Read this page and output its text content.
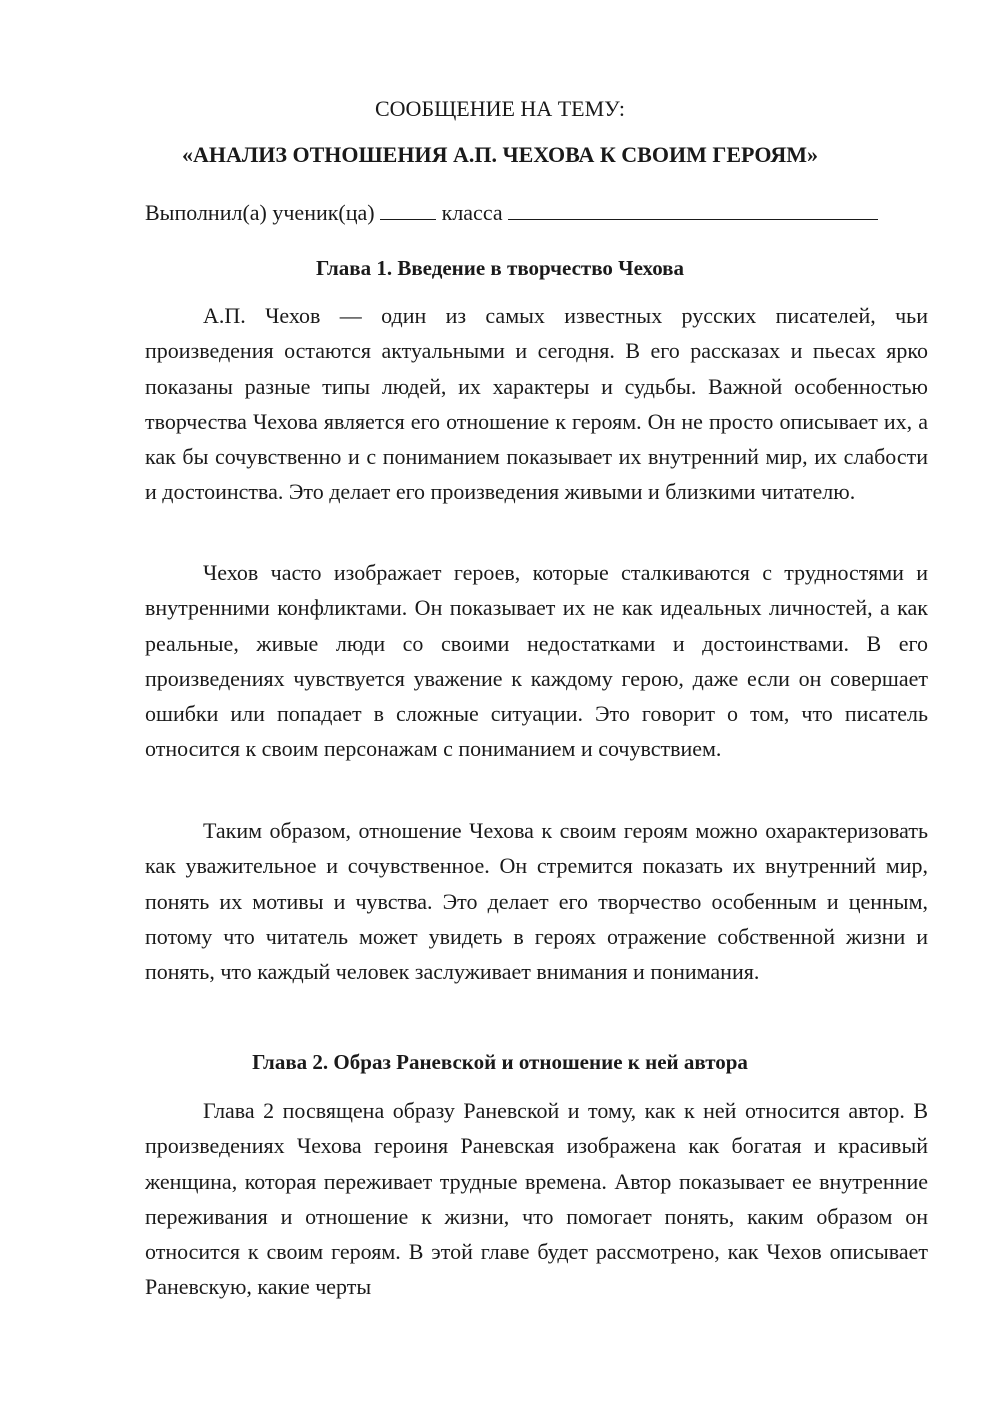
СООБЩЕНИЕ НА ТЕМУ:
«АНАЛИЗ ОТНОШЕНИЯ А.П. ЧЕХОВА К СВОИМ ГЕРОЯМ»
Выполнил(а) ученик(ца)	класса
Глава 1. Введение в творчество Чехова

А.П. Чехов — один из самых известных русских писателей, чьи произведения остаются актуальными и сегодня. В его рассказах и пьесах ярко показаны разные типы людей, их характеры и судьбы. Важной особенностью творчества Чехова является его отношение к героям. Он не просто описывает их, а как бы сочувственно и с пониманием показывает их внутренний мир, их слабости и достоинства. Это делает его произведения живыми и близкими читателю.

Чехов часто изображает героев, которые сталкиваются с трудностями и внутренними конфликтами. Он показывает их не как идеальных личностей, а как реальные, живые люди со своими недостатками и достоинствами. В его произведениях чувствуется уважение к каждому герою, даже если он совершает ошибки или попадает в сложные ситуации. Это говорит о том, что писатель относится к своим персонажам с пониманием и сочувствием.

Таким образом, отношение Чехова к своим героям можно охарактеризовать как уважительное и сочувственное. Он стремится показать их внутренний мир, понять их мотивы и чувства. Это делает его творчество особенным и ценным, потому что читатель может увидеть в героях отражение собственной жизни и понять, что каждый человек заслуживает внимания и понимания.

Глава 2. Образ Раневской и отношение к ней автора

Глава 2 посвящена образу Раневской и тому, как к ней относится автор. В произведениях Чехова героиня Раневская изображена как богатая и красивый женщина, которая переживает трудные времена. Автор показывает ее внутренние переживания и отношение к жизни, что помогает понять, каким образом он относится к своим героям. В этой главе будет рассмотрено, как Чехов описывает Раневскую, какие черты
